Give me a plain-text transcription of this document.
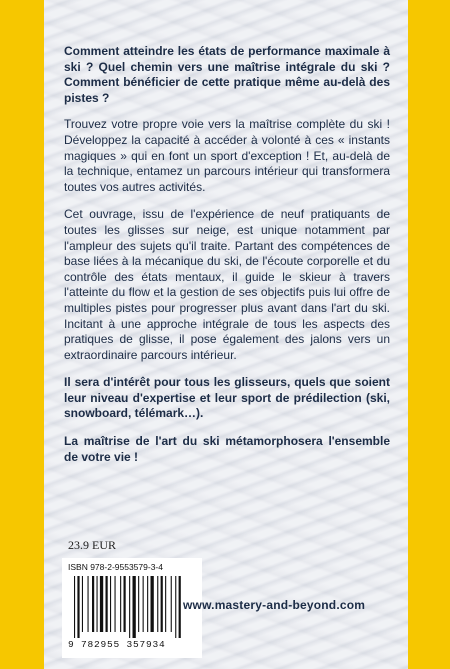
Comment atteindre les états de performance maximale à ski ? Quel chemin vers une maîtrise intégrale du ski ? Comment bénéficier de cette pratique même au-delà des pistes ?

Trouvez votre propre voie vers la maîtrise complète du ski ! Développez la capacité à accéder à volonté à ces « instants magiques » qui en font un sport d'exception ! Et, au-delà de la technique, entamez un parcours intérieur qui transformera toutes vos autres activités.

Cet ouvrage, issu de l'expérience de neuf pratiquants de toutes les glisses sur neige, est unique notamment par l'ampleur des sujets qu'il traite. Partant des compétences de base liées à la mécanique du ski, de l'écoute corporelle et du contrôle des états mentaux, il guide le skieur à travers l'atteinte du flow et la gestion de ses objectifs puis lui offre de multiples pistes pour progresser plus avant dans l'art du ski. Incitant à une approche intégrale de tous les aspects des pratiques de glisse, il pose également des jalons vers un extraordinaire parcours intérieur.

Il sera d'intérêt pour tous les glisseurs, quels que soient leur niveau d'expertise et leur sport de prédilection (ski, snowboard, télémark…).

La maîtrise de l'art du ski métamorphosera l'ensemble de votre vie !

23.9 EUR
ISBN 978-2-9553579-3-4
9 782955 357934
www.mastery-and-beyond.com
